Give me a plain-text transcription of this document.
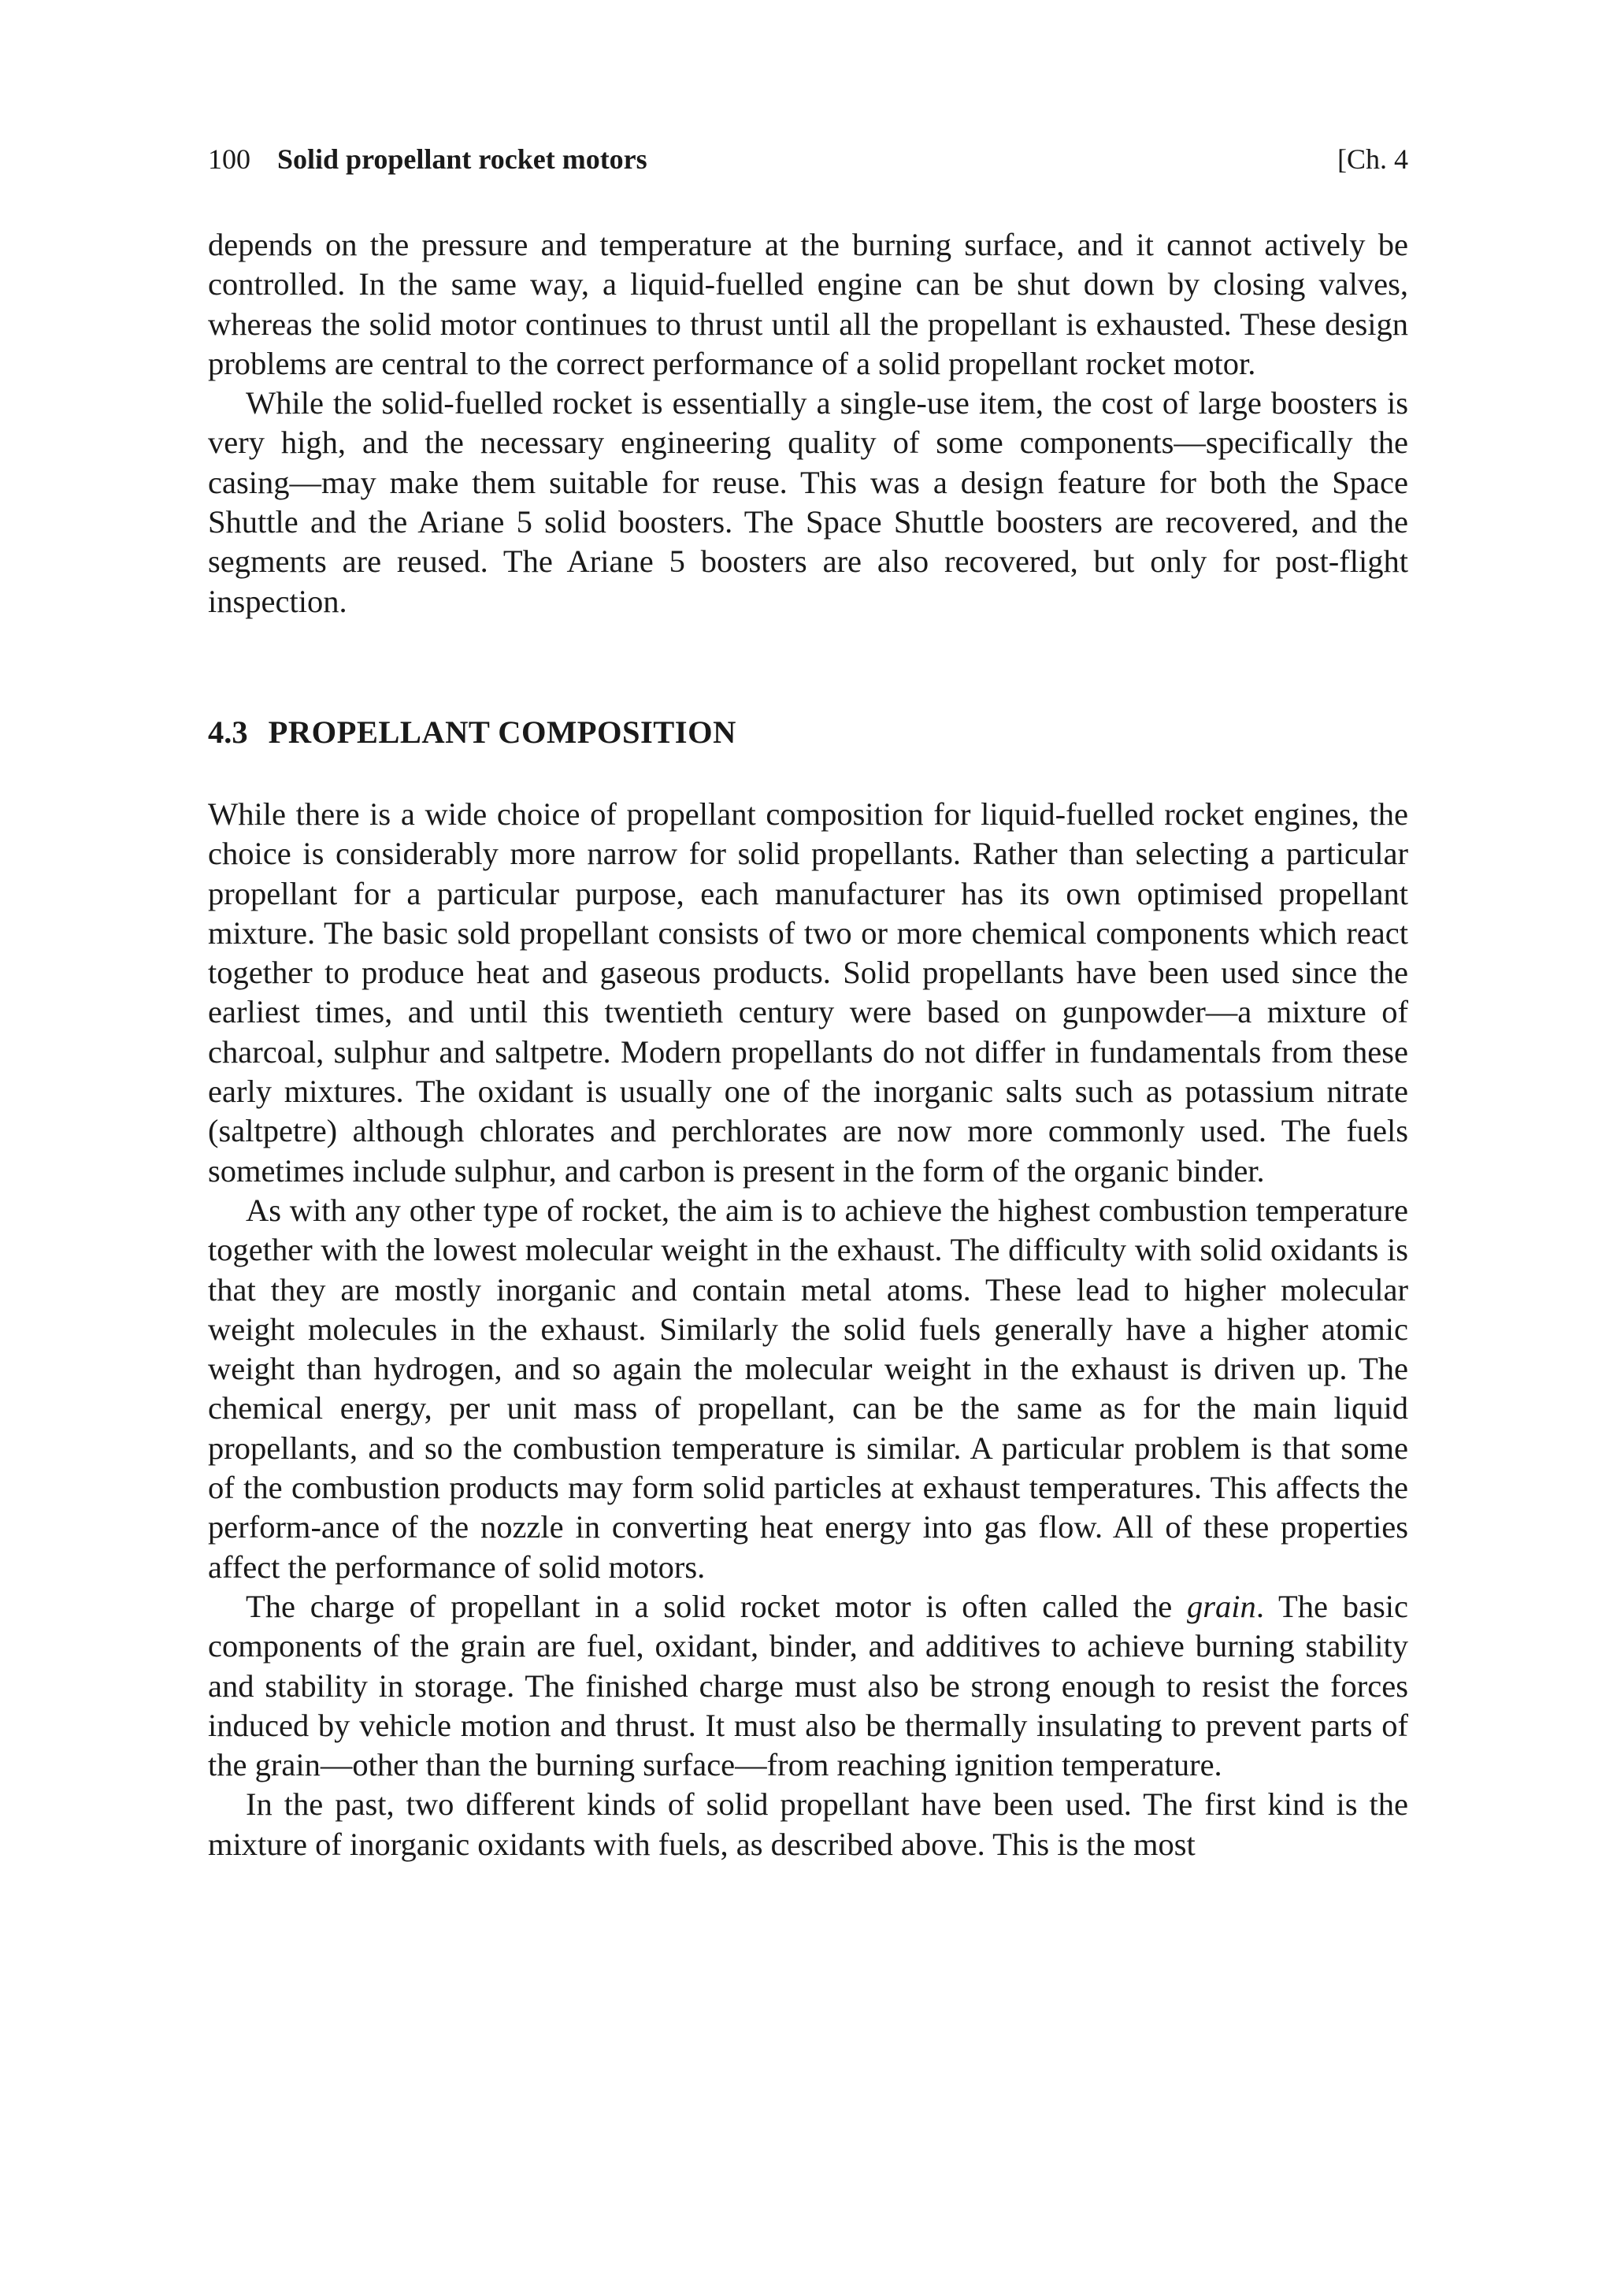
100 Solid propellant rocket motors	[Ch. 4

depends on the pressure and temperature at the burning surface, and it cannot actively be controlled. In the same way, a liquid-fuelled engine can be shut down by closing valves, whereas the solid motor continues to thrust until all the propellant is exhausted. These design problems are central to the correct performance of a solid propellant rocket motor.

While the solid-fuelled rocket is essentially a single-use item, the cost of large boosters is very high, and the necessary engineering quality of some components—specifically the casing—may make them suitable for reuse. This was a design feature for both the Space Shuttle and the Ariane 5 solid boosters. The Space Shuttle boosters are recovered, and the segments are reused. The Ariane 5 boosters are also recovered, but only for post-flight inspection.

4.3 PROPELLANT COMPOSITION

While there is a wide choice of propellant composition for liquid-fuelled rocket engines, the choice is considerably more narrow for solid propellants. Rather than selecting a particular propellant for a particular purpose, each manufacturer has its own optimised propellant mixture. The basic sold propellant consists of two or more chemical components which react together to produce heat and gaseous products. Solid propellants have been used since the earliest times, and until this twentieth century were based on gunpowder—a mixture of charcoal, sulphur and saltpetre. Modern propellants do not differ in fundamentals from these early mixtures. The oxidant is usually one of the inorganic salts such as potassium nitrate (saltpetre) although chlorates and perchlorates are now more commonly used. The fuels sometimes include sulphur, and carbon is present in the form of the organic binder.

As with any other type of rocket, the aim is to achieve the highest combustion temperature together with the lowest molecular weight in the exhaust. The difficulty with solid oxidants is that they are mostly inorganic and contain metal atoms. These lead to higher molecular weight molecules in the exhaust. Similarly the solid fuels generally have a higher atomic weight than hydrogen, and so again the molecular weight in the exhaust is driven up. The chemical energy, per unit mass of propellant, can be the same as for the main liquid propellants, and so the combustion temperature is similar. A particular problem is that some of the combustion products may form solid particles at exhaust temperatures. This affects the perform-ance of the nozzle in converting heat energy into gas flow. All of these properties affect the performance of solid motors.

The charge of propellant in a solid rocket motor is often called the grain. The basic components of the grain are fuel, oxidant, binder, and additives to achieve burning stability and stability in storage. The finished charge must also be strong enough to resist the forces induced by vehicle motion and thrust. It must also be thermally insulating to prevent parts of the grain—other than the burning surface—from reaching ignition temperature.

In the past, two different kinds of solid propellant have been used. The first kind is the mixture of inorganic oxidants with fuels, as described above. This is the most
